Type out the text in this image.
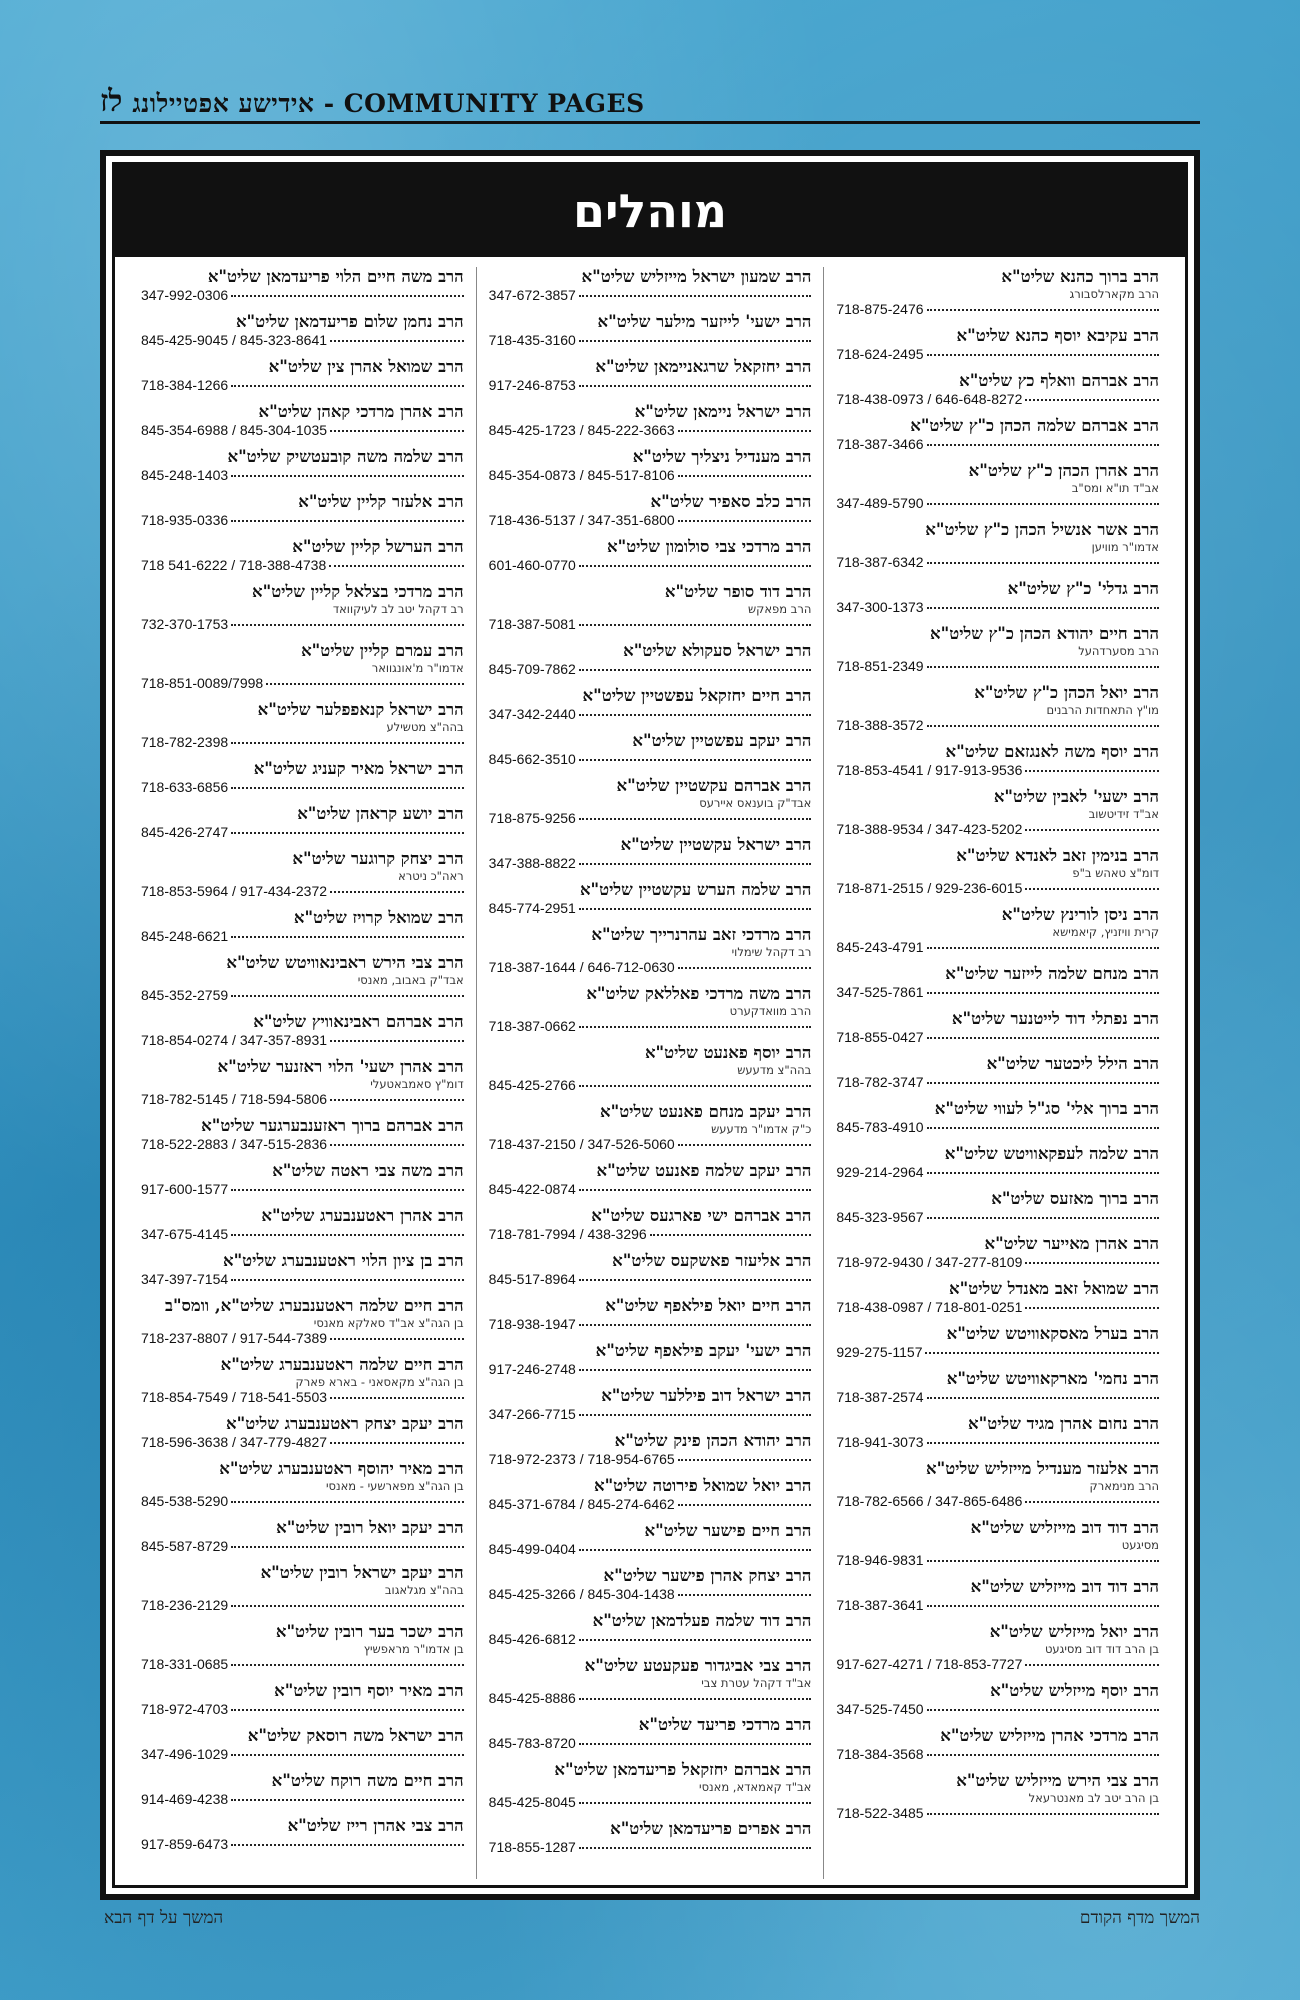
לז אידישע אפטיילונג - COMMUNITY PAGES
מוהלים
הרב ברוך כהנא שליט"א
הרב מקארלסבורג
718-875-2476
הרב עקיבא יוסף כהנא שליט"א
718-624-2495
הרב אברהם וואלף כץ שליט"א
718-438-0973 / 646-648-8272
הרב אברהם שלמה הכהן כ"ץ שליט"א
718-387-3466
הרב אהרן הכהן כ"ץ שליט"א
אב"ד תו"א ומס"ב
347-489-5790
הרב אשר אנשיל הכהן כ"ץ שליט"א
אדמו"ר מוויען
718-387-6342
הרב גדלי' כ"ץ שליט"א
347-300-1373
הרב חיים יהודא הכהן כ"ץ שליט"א
הרב מסערדהעל
718-851-2349
הרב יואל הכהן כ"ץ שליט"א
מו"ץ התאחדות הרבנים
718-388-3572
הרב יוסף משה לאנגזאם שליט"א
718-853-4541 / 917-913-9536
הרב ישעי' לאבין שליט"א
אב"ד זידיטשוב
718-388-9534 / 347-423-5202
הרב בנימין זאב לאנדא שליט"א
דומ"צ טאהש ב"פ
718-871-2515 / 929-236-6015
הרב ניסן לורינץ שליט"א
קרית וויזניץ, קיאמישא
845-243-4791
הרב מנחם שלמה לייזער שליט"א
347-525-7861
הרב נפתלי דוד לייטנער שליט"א
718-855-0427
הרב הילל ליכטער שליט"א
718-782-3747
הרב ברוך אלי' סג"ל לעווי שליט"א
845-783-4910
הרב שלמה לעפקאוויטש שליט"א
929-214-2964
הרב ברוך מאזעס שליט"א
845-323-9567
הרב אהרן מאייער שליט"א
718-972-9430 / 347-277-8109
הרב שמואל זאב מאנדל שליט"א
718-438-0987 / 718-801-0251
הרב בערל מאסקאוויטש שליט"א
929-275-1157
הרב נחמי' מארקאוויטש שליט"א
718-387-2574
הרב נחום אהרן מגיד שליט"א
718-941-3073
הרב אלעזר מענדיל מייזליש שליט"א
הרב מנימארק
718-782-6566 / 347-865-6486
הרב דוד דוב מייזליש שליט"א
מסיגעט
718-946-9831
הרב דוד דוב מייזליש שליט"א
718-387-3641
הרב יואל מייזליש שליט"א
בן הרב דוד דוב מסיגעט
917-627-4271 / 718-853-7727
הרב יוסף מייזליש שליט"א
347-525-7450
הרב מרדכי אהרן מייזליש שליט"א
718-384-3568
הרב צבי הירש מייזליש שליט"א
בן הרב יטב לב מאנטרעאל
718-522-3485
הרב שמעון ישראל מייזליש שליט"א
347-672-3857
הרב ישעי' לייזער מילער שליט"א
718-435-3160
הרב יחזקאל שרגאניימאן שליט"א
917-246-8753
הרב ישראל ניימאן שליט"א
845-425-1723 / 845-222-3663
הרב מענדיל ניצליך שליט"א
845-354-0873 / 845-517-8106
הרב כלב סאפיר שליט"א
718-436-5137 / 347-351-6800
הרב מרדכי צבי סולומון שליט"א
601-460-0770
הרב דוד סופר שליט"א
הרב מפאקש
718-387-5081
הרב ישראל סעקולא שליט"א
845-709-7862
הרב חיים יחזקאל עפשטיין שליט"א
347-342-2440
הרב יעקב עפשטיין שליט"א
845-662-3510
הרב אברהם עקשטיין שליט"א
אבד"ק בוענאס איירעס
718-875-9256
הרב ישראל עקשטיין שליט"א
347-388-8822
הרב שלמה הערש עקשטיין שליט"א
845-774-2951
הרב מרדכי זאב עהרנרייך שליט"א
רב דקהל שימלוי
718-387-1644 / 646-712-0630
הרב משה מרדכי פאללאק שליט"א
הרב מוואדקערט
718-387-0662
הרב יוסף פאנעט שליט"א
בהה"צ מדעעש
845-425-2766
הרב יעקב מנחם פאנעט שליט"א
כ"ק אדמו"ר מדעעש
718-437-2150 / 347-526-5060
הרב יעקב שלמה פאנעט שליט"א
845-422-0874
הרב אברהם ישי פארגעס שליט"א
718-781-7994 / 438-3296
הרב אליעזר פאשקעס שליט"א
845-517-8964
הרב חיים יואל פילאפף שליט"א
718-938-1947
הרב ישעי' יעקב פילאפף שליט"א
917-246-2748
הרב ישראל דוב פיללער שליט"א
347-266-7715
הרב יהודא הכהן פינק שליט"א
718-972-2373 / 718-954-6765
הרב יואל שמואל פירוטה שליט"א
845-371-6784 / 845-274-6462
הרב חיים פישער שליט"א
845-499-0404
הרב יצחק אהרן פישער שליט"א
845-425-3266 / 845-304-1438
הרב דוד שלמה פעלדמאן שליט"א
845-426-6812
הרב צבי אביגדור פעקעטע שליט"א
אב"ד דקהל עטרת צבי
845-425-8886
הרב מרדכי פריעד שליט"א
845-783-8720
הרב אברהם יחזקאל פריעדמאן שליט"א
אב"ד קאמאדא, מאנסי
845-425-8045
הרב אפרים פריעדמאן שליט"א
718-855-1287
הרב משה חיים הלוי פריעדמאן שליט"א
347-992-0306
הרב נחמן שלום פריעדמאן שליט"א
845-425-9045 / 845-323-8641
הרב שמואל אהרן צין שליט"א
718-384-1266
הרב אהרן מרדכי קאהן שליט"א
845-354-6988 / 845-304-1035
הרב שלמה משה קובעטשיק שליט"א
845-248-1403
הרב אלעזר קליין שליט"א
718-935-0336
הרב הערשל קליין שליט"א
718 541-6222 / 718-388-4738
הרב מרדכי בצלאל קליין שליט"א
רב דקהל יטב לב לעיקוואד
732-370-1753
הרב עמרם קליין שליט"א
אדמו"ר מ'אונגוואר
718-851-0089/7998
הרב ישראל קנאפפלער שליט"א
בהה"צ מטשילע
718-782-2398
הרב ישראל מאיר קעניג שליט"א
718-633-6856
הרב יושע קראהן שליט"א
845-426-2747
הרב יצחק קרוגער שליט"א
ראה"כ ניטרא
718-853-5964 / 917-434-2372
הרב שמואל קרויז שליט"א
845-248-6621
הרב צבי הירש ראבינאוויטש שליט"א
אבד"ק באבוב, מאנסי
845-352-2759
הרב אברהם ראבינאוויץ שליט"א
718-854-0274 / 347-357-8931
הרב אהרן ישעי' הלוי ראזנער שליט"א
דומ"ץ סאמבאטעלי
718-782-5145 / 718-594-5806
הרב אברהם ברוך ראזענבערגער שליט"א
718-522-2883 / 347-515-2836
הרב משה צבי ראטה שליט"א
917-600-1577
הרב אהרן ראטענבערג שליט"א
347-675-4145
הרב בן ציון הלוי ראטענבערג שליט"א
347-397-7154
הרב חיים שלמה ראטענבערג שליט"א, וומס"ב
בן הגה"צ אב"ד סאלקא מאנסי
718-237-8807 / 917-544-7389
הרב חיים שלמה ראטענבערג שליט"א
בן הגה"צ מקאסאני - בארא פארק
718-854-7549 / 718-541-5503
הרב יעקב יצחק ראטענבערג שליט"א
718-596-3638 / 347-779-4827
הרב מאיר יהוסף ראטענבערג שליט"א
בן הגה"צ מפארשעי - מאנסי
845-538-5290
הרב יעקב יואל רובין שליט"א
845-587-8729
הרב יעקב ישראל רובין שליט"א
בהה"צ מגלאגוב
718-236-2129
הרב ישכר בער רובין שליט"א
בן אדמו"ר מראפשיץ
718-331-0685
הרב מאיר יוסף רובין שליט"א
718-972-4703
הרב ישראל משה רוסאק שליט"א
347-496-1029
הרב חיים משה רוקח שליט"א
914-469-4238
הרב צבי אהרן רייז שליט"א
917-859-6473
המשך על דף הבא	המשך מדף הקודם
